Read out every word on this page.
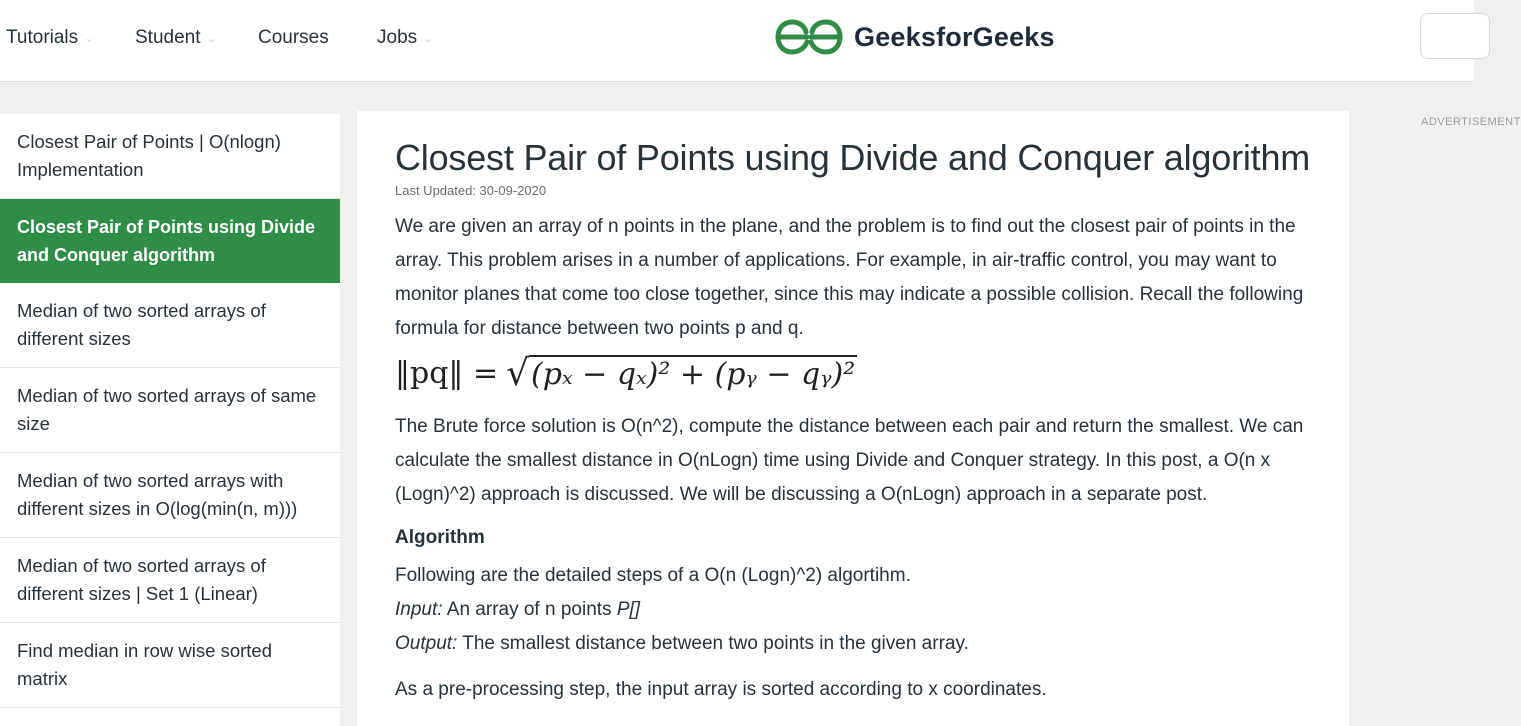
Tutorials ⌄ Student ⌄ Courses	Jobs ⌄	GeeksforGeeks
Closest Pair of Points | O(nlogn) Implementation
Closest Pair of Points using Divide and Conquer algorithm
Median of two sorted arrays of different sizes
Median of two sorted arrays of same size
Median of two sorted arrays with different sizes in O(log(min(n, m)))
Median of two sorted arrays of different sizes | Set 1 (Linear)
Find median in row wise sorted matrix
Closest Pair of Points using Divide and Conquer algorithm
Last Updated: 30-09-2020

We are given an array of n points in the plane, and the problem is to find out the closest pair of points in the array. This problem arises in a number of applications. For example, in air-traffic control, you may want to monitor planes that come too close together, since this may indicate a possible collision. Recall the following formula for distance between two points p and q.

‖pq‖ = √ (pₓ − qₓ)² + (pᵧ − qᵧ)²

The Brute force solution is O(n^2), compute the distance between each pair and return the smallest. We can calculate the smallest distance in O(nLogn) time using Divide and Conquer strategy. In this post, a O(n x (Logn)^2) approach is discussed. We will be discussing a O(nLogn) approach in a separate post.

Algorithm
Following are the detailed steps of a O(n (Logn)^2) algortihm.
Input: An array of n points P[]
Output: The smallest distance between two points in the given array.
As a pre-processing step, the input array is sorted according to x coordinates.
ADVERTISEMENT
